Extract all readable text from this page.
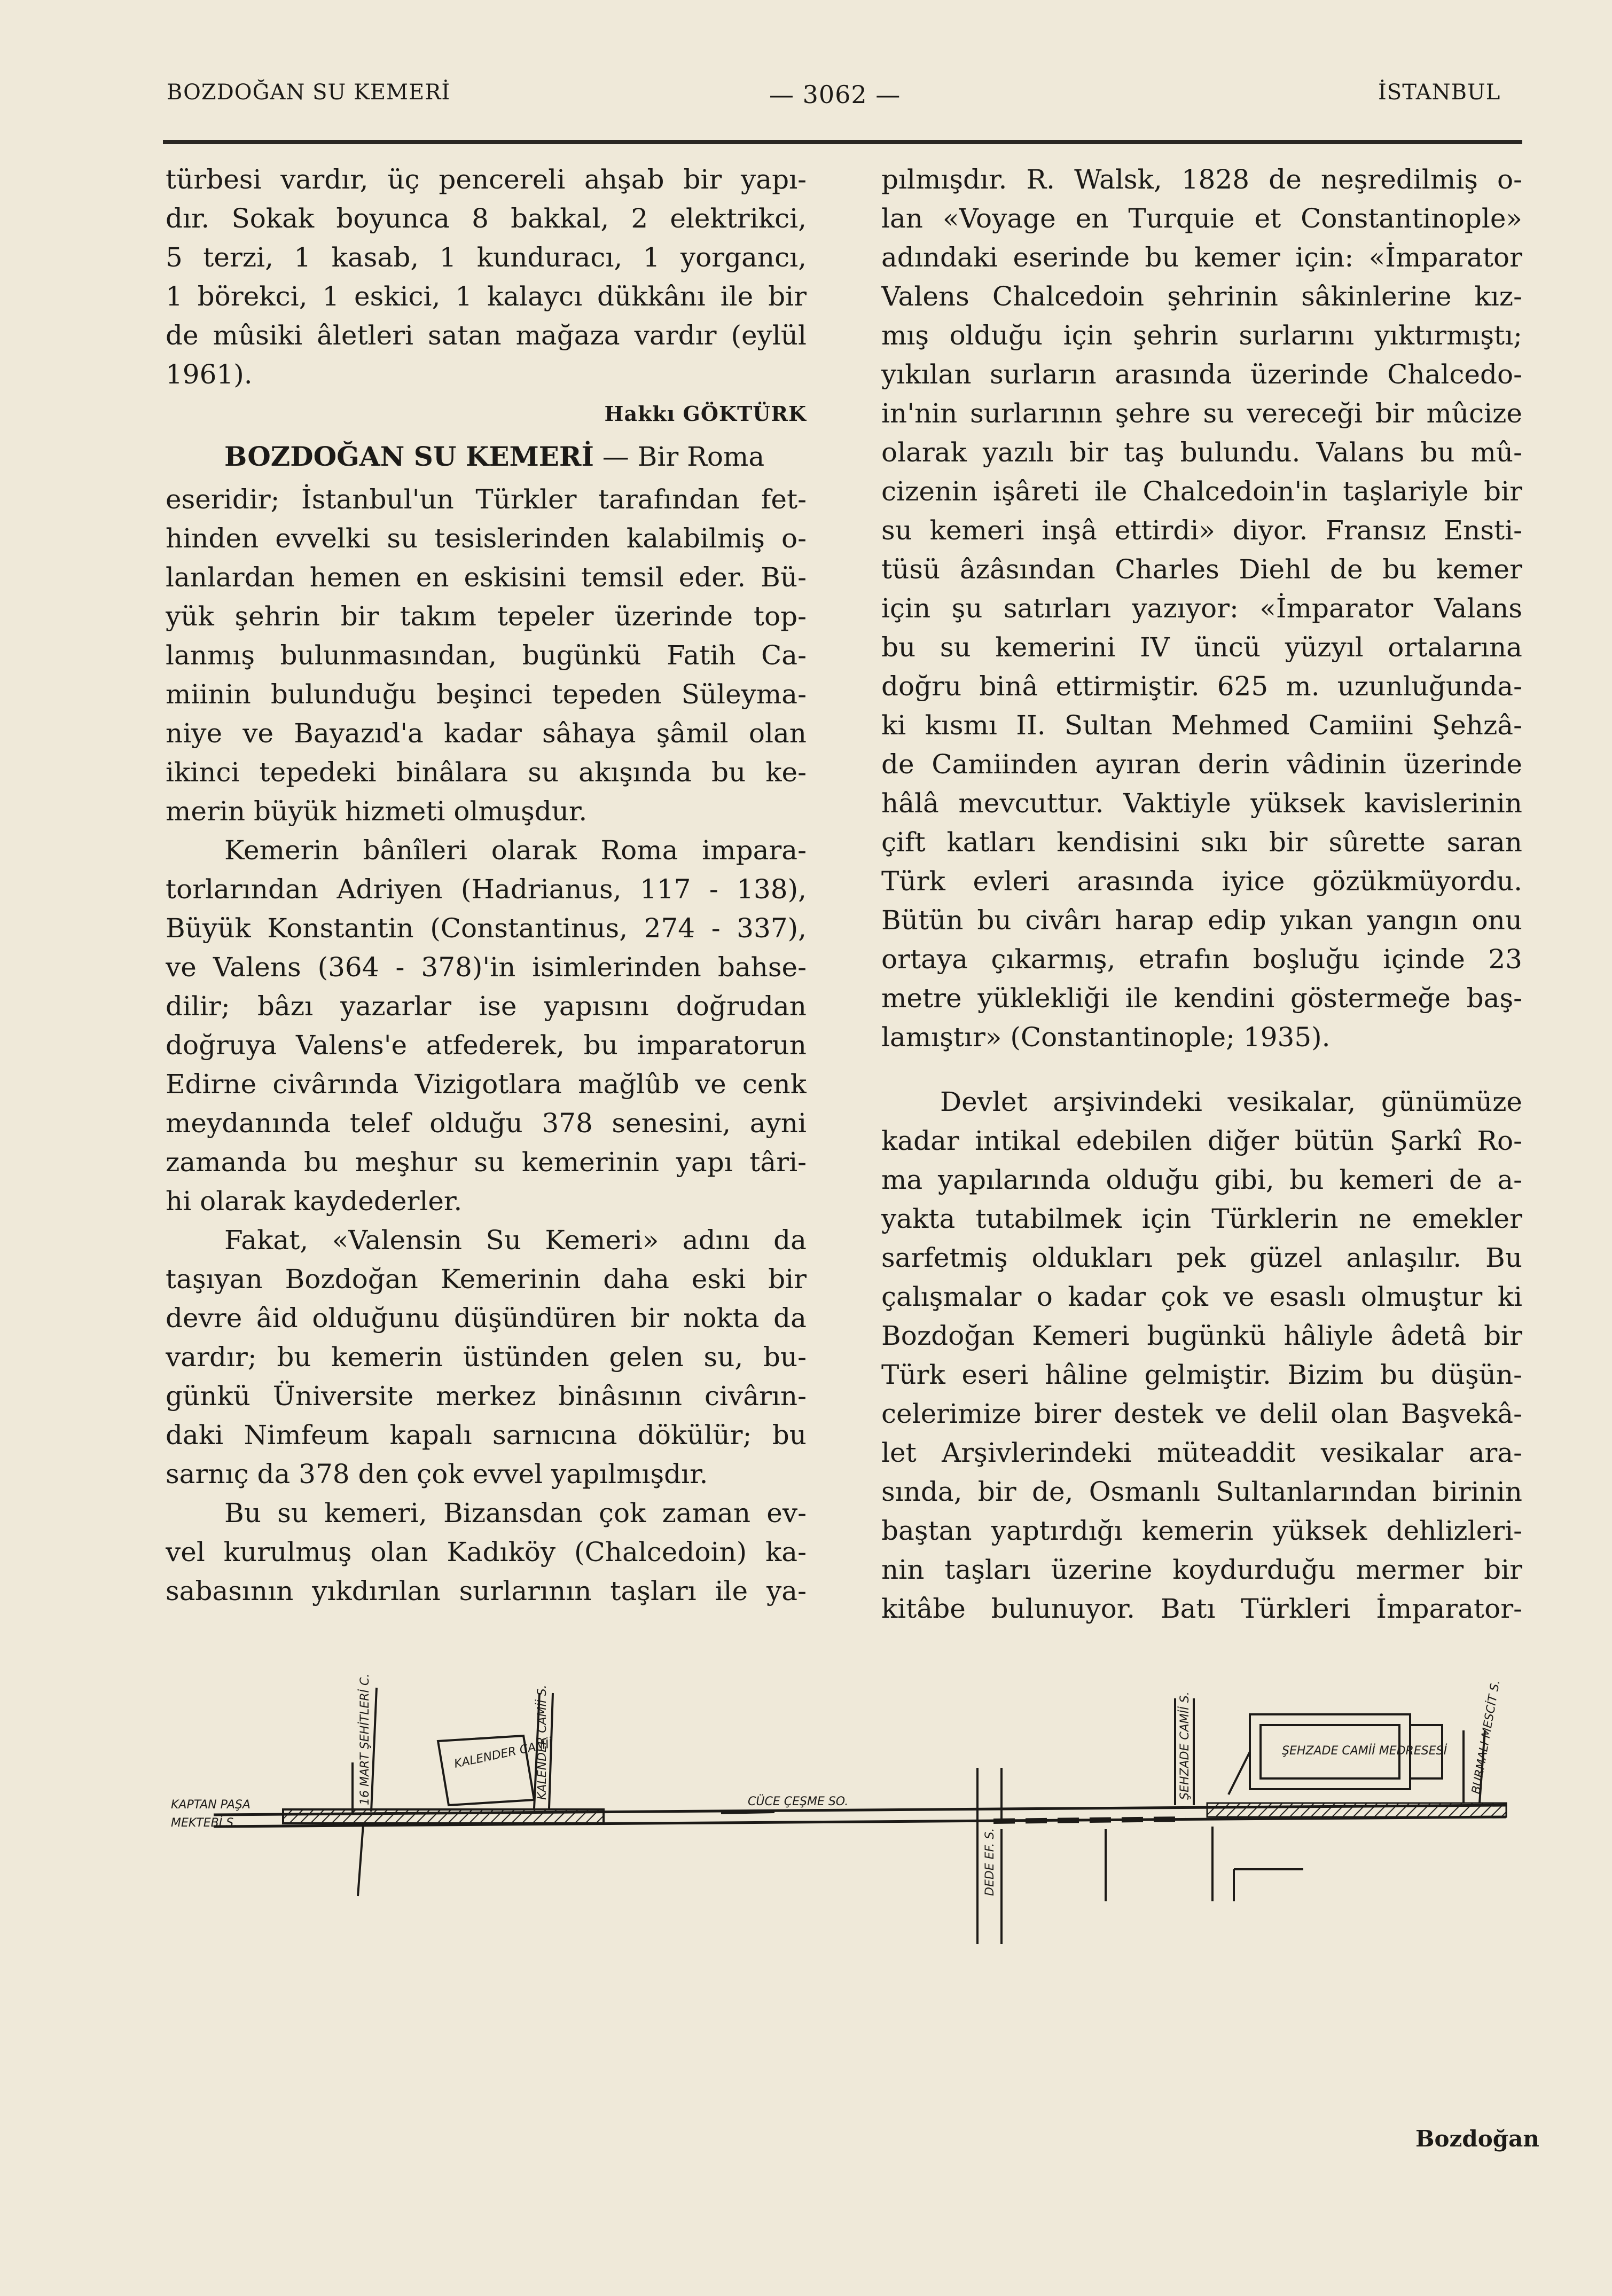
BOZDOĞAN SU KEMERİ	— 3062 —	İSTANBUL
türbesi vardır, üç pencereli ahşab bir yapı-
dır. Sokak boyunca 8 bakkal, 2 elektrikci,
5 terzi, 1 kasab, 1 kunduracı, 1 yorgancı,
1 börekci, 1 eskici, 1 kalaycı dükkânı ile bir
de mûsiki âletleri satan mağaza vardır (eylül
1961).
Hakkı GÖKTÜRK
BOZDOĞAN SU KEMERİ — Bir Roma
eseridir; İstanbul'un Türkler tarafından fet-
hinden evvelki su tesislerinden kalabilmiş o-
lanlardan hemen en eskisini temsil eder. Bü-
yük şehrin bir takım tepeler üzerinde top-
lanmış bulunmasından, bugünkü Fatih Ca-
miinin bulunduğu beşinci tepeden Süleyma-
niye ve Bayazıd'a kadar sâhaya şâmil olan
ikinci tepedeki binâlara su akışında bu ke-
merin büyük hizmeti olmuşdur.
Kemerin bânîleri olarak Roma impara-
torlarından Adriyen (Hadrianus, 117 - 138),
Büyük Konstantin (Constantinus, 274 - 337),
ve Valens (364 - 378)'in isimlerinden bahse-
dilir; bâzı yazarlar ise yapısını doğrudan
doğruya Valens'e atfederek, bu imparatorun
Edirne civârında Vizigotlara mağlûb ve cenk
meydanında telef olduğu 378 senesini, ayni
zamanda bu meşhur su kemerinin yapı târi-
hi olarak kaydederler.
Fakat, «Valensin Su Kemeri» adını da
taşıyan Bozdoğan Kemerinin daha eski bir
devre âid olduğunu düşündüren bir nokta da
vardır; bu kemerin üstünden gelen su, bu-
günkü Üniversite merkez binâsının civârın-
daki Nimfeum kapalı sarnıcına dökülür; bu
sarnıç da 378 den çok evvel yapılmışdır.
Bu su kemeri, Bizansdan çok zaman ev-
vel kurulmuş olan Kadıköy (Chalcedoin) ka-
sabasının yıkdırılan surlarının taşları ile ya-
pılmışdır. R. Walsk, 1828 de neşredilmiş o-
lan «Voyage en Turquie et Constantinople»
adındaki eserinde bu kemer için: «İmparator
Valens Chalcedoin şehrinin sâkinlerine kız-
mış olduğu için şehrin surlarını yıktırmıştı;
yıkılan surların arasında üzerinde Chalcedo-
in'nin surlarının şehre su vereceği bir mûcize
olarak yazılı bir taş bulundu. Valans bu mû-
cizenin işâreti ile Chalcedoin'in taşlariyle bir
su kemeri inşâ ettirdi» diyor. Fransız Ensti-
tüsü âzâsından Charles Diehl de bu kemer
için şu satırları yazıyor: «İmparator Valans
bu su kemerini IV üncü yüzyıl ortalarına
doğru binâ ettirmiştir. 625 m. uzunluğunda-
ki kısmı II. Sultan Mehmed Camiini Şehzâ-
de Camiinden ayıran derin vâdinin üzerinde
hâlâ mevcuttur. Vaktiyle yüksek kavislerinin
çift katları kendisini sıkı bir sûrette saran
Türk evleri arasında iyice gözükmüyordu.
Bütün bu civârı harap edip yıkan yangın onu
ortaya çıkarmış, etrafın boşluğu içinde 23
metre yüklekliği ile kendini göstermeğe baş-
lamıştır» (Constantinople; 1935).
Devlet arşivindeki vesikalar, günümüze
kadar intikal edebilen diğer bütün Şarkî Ro-
ma yapılarında olduğu gibi, bu kemeri de a-
yakta tutabilmek için Türklerin ne emekler
sarfetmiş oldukları pek güzel anlaşılır. Bu
çalışmalar o kadar çok ve esaslı olmuştur ki
Bozdoğan Kemeri bugünkü hâliyle âdetâ bir
Türk eseri hâline gelmiştir. Bizim bu düşün-
celerimize birer destek ve delil olan Başvekâ-
let Arşivlerindeki müteaddit vesikalar ara-
sında, bir de, Osmanlı Sultanlarından birinin
baştan yaptırdığı kemerin yüksek dehlizleri-
nin taşları üzerine koydurduğu mermer bir
kitâbe bulunuyor. Batı Türkleri İmparator-
KALENDER CAMİİ	ŞEHZADE CAMİİ MEDRESESİ
KAPTAN PAŞA
MEKTEBİ S.
16 MART ŞEHİTLERİ C.	KALENDER CAMİİ S.
CÜCE ÇEŞME SO.
DEDE EF. S.
ŞEHZADE CAMİİ S.	BURMALI MESCİT S.
Bozdoğan
